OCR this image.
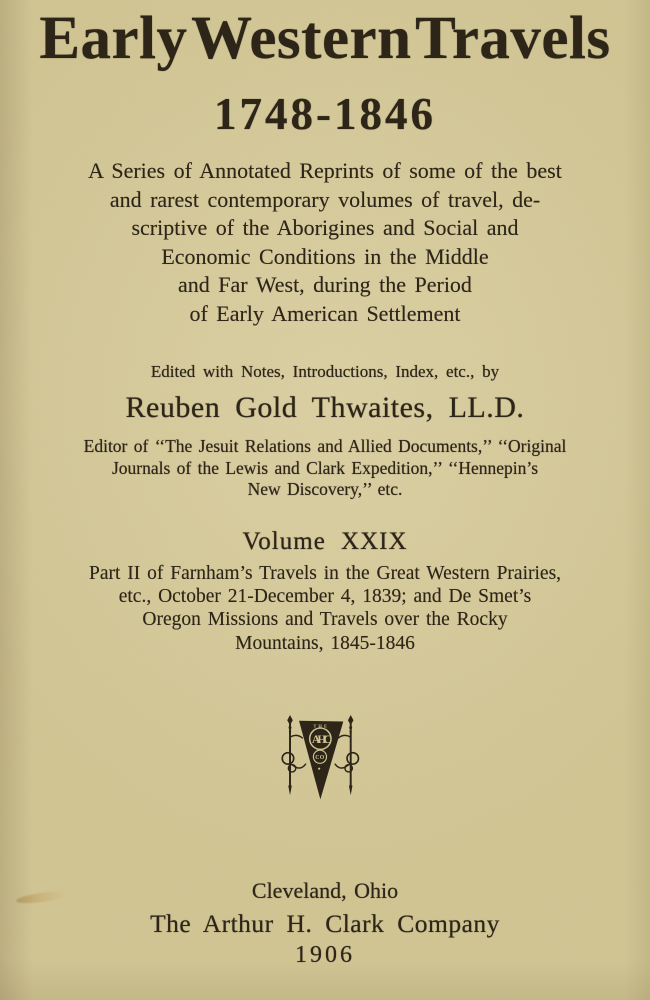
Early Western Travels
1748-1846
A Series of Annotated Reprints of some of the best
and rarest contemporary volumes of travel, de-
scriptive of the Aborigines and Social and
Economic Conditions in the Middle
and Far West, during the Period
of Early American Settlement
Edited with Notes, Introductions, Index, etc., by
Reuben Gold Thwaites, LL.D.
Editor of ‘‘The Jesuit Relations and Allied Documents,’’ ‘‘Original
Journals of the Lewis and Clark Expedition,’’ ‘‘Hennepin’s
New Discovery,’’ etc.
Volume XXIX
Part II of Farnham’s Travels in the Great Western Prairies,
etc., October 21-December 4, 1839; and De Smet’s
Oregon Missions and Travels over the Rocky
Mountains, 1845-1846
THE
AHC
CO
Cleveland, Ohio
The Arthur H. Clark Company
1906
